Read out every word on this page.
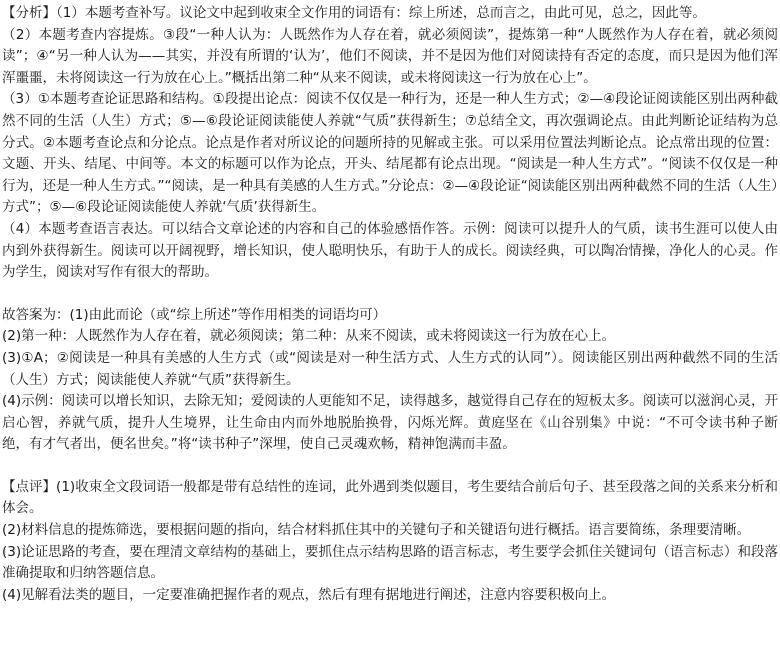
【分析】（1）本题考查补写。议论文中起到收束全文作用的词语有：综上所述，总而言之，由此可见，总之，因此等。

（2）本题考查内容提炼。③段“一种人认为：人既然作为人存在着，就必须阅读”，提炼第一种“人既然作为人存在着，就必须阅读”；④“另一种人认为——其实，并没有所谓的‘认为’，他们不阅读，并不是因为他们对阅读持有否定的态度，而只是因为他们浑浑噩噩，未将阅读这一行为放在心上。”概括出第二种“从来不阅读，或未将阅读这一行为放在心上”。

（3）①本题考查论证思路和结构。①段提出论点：阅读不仅仅是一种行为，还是一种人生方式；②—④段论证阅读能区别出两种截然不同的生活（人生）方式；⑤—⑥段论证阅读能使人养就“气质”获得新生；⑦总结全文，再次强调论点。由此判断论证结构为总分式。②本题考查论点和分论点。论点是作者对所议论的问题所持的见解或主张。可以采用位置法判断论点。论点常出现的位置：文题、开头、结尾、中间等。本文的标题可以作为论点，开头、结尾都有论点出现。“阅读是一种人生方式”。“阅读不仅仅是一种行为，还是一种人生方式。”“阅读，是一种具有美感的人生方式。”分论点：②—④段论证“阅读能区别出两种截然不同的生活（人生）方式”；⑤—⑥段论证阅读能使人养就‘气质’获得新生。

（4）本题考查语言表达。可以结合文章论述的内容和自己的体验感悟作答。示例：阅读可以提升人的气质，读书生涯可以使人由内到外获得新生。阅读可以开阔视野，增长知识，使人聪明快乐，有助于人的成长。阅读经典，可以陶冶情操，净化人的心灵。作为学生，阅读对写作有很大的帮助。

故答案为：(1)由此而论（或“综上所述”等作用相类的词语均可）

(2)第一种：人既然作为人存在着，就必须阅读；第二种：从来不阅读，或未将阅读这一行为放在心上。

(3)①A；②阅读是一种具有美感的人生方式（或“阅读是对一种生活方式、人生方式的认同”）。阅读能区别出两种截然不同的生活（人生）方式；阅读能使人养就“气质”获得新生。

(4)示例：阅读可以增长知识，去除无知；爱阅读的人更能知不足，读得越多，越觉得自己存在的短板太多。阅读可以滋润心灵，开启心智，养就气质，提升人生境界，让生命由内而外地脱胎换骨，闪烁光辉。黄庭坚在《山谷别集》中说：“不可令读书种子断绝，有才气者出，便名世矣。”将“读书种子”深埋，使自己灵魂欢畅，精神饱满而丰盈。

【点评】(1)收束全文段词语一般都是带有总结性的连词，此外遇到类似题目，考生要结合前后句子、甚至段落之间的关系来分析和体会。

(2)材料信息的提炼筛选，要根据问题的指向，结合材料抓住其中的关键句子和关键语句进行概括。语言要简练，条理要清晰。

(3)论证思路的考查，要在理清文章结构的基础上，要抓住点示结构思路的语言标志，考生要学会抓住关键词句（语言标志）和段落准确提取和归纳答题信息。

(4)见解看法类的题目，一定要准确把握作者的观点，然后有理有据地进行阐述，注意内容要积极向上。
